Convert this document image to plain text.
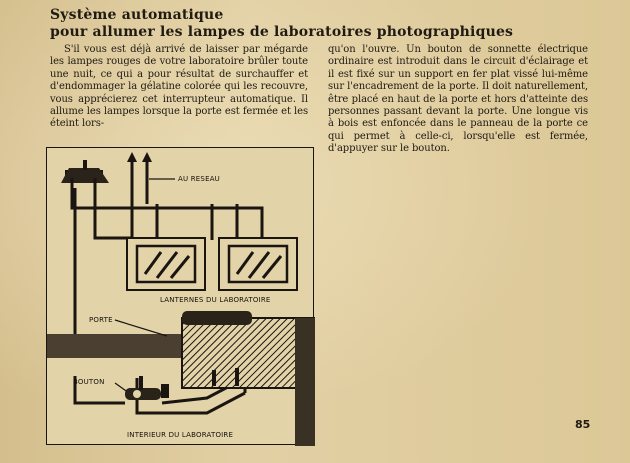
Système automatique
pour allumer les lampes de laboratoires photographiques
S'il vous est déjà arrivé de laisser par mégarde les lampes rouges de votre laboratoire brûler toute une nuit, ce qui a pour résultat de surchauffer et d'endommager la gélatine colorée qui les recouvre, vous apprécierez cet interrupteur automatique. Il allume les lampes lorsque la porte est fermée et les éteint lors-
qu'on l'ouvre. Un bouton de sonnette électrique ordinaire est introduit dans le circuit d'éclairage et il est fixé sur un support en fer plat vissé lui-même sur l'encadrement de la porte. Il doit naturellement, être placé en haut de la porte et hors d'atteinte des personnes passant devant la porte. Une longue vis à bois est enfoncée dans le panneau de la porte ce qui permet à celle-ci, lorsqu'elle est fermée, d'appuyer sur le bouton.
AU RESEAU
LANTERNES DU LABORATOIRE
PORTE
BOUTON
INTERIEUR DU LABORATOIRE
85
